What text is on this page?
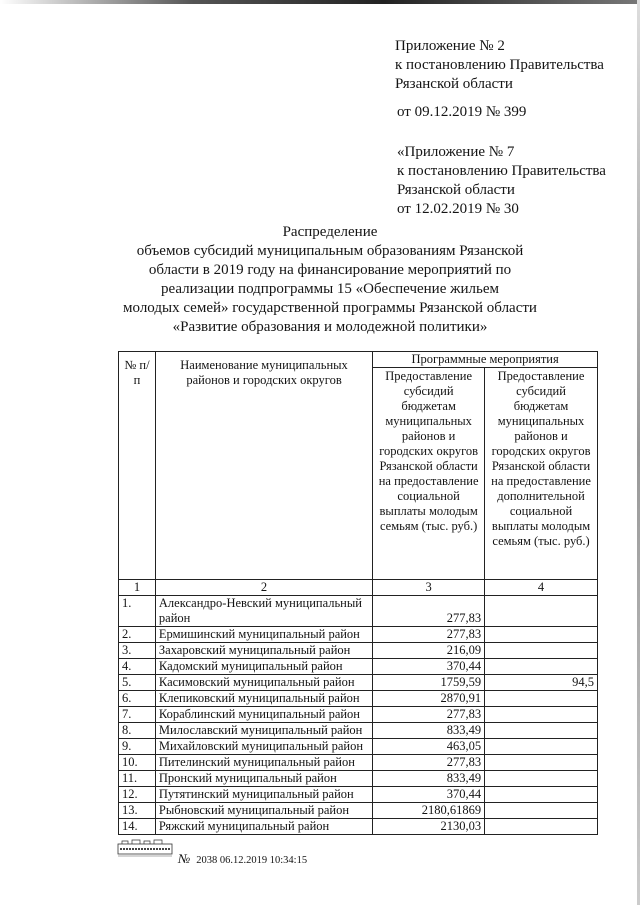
Приложение № 2
к постановлению Правительства
Рязанской области
от 09.12.2019 № 399
«Приложение № 7
к постановлению Правительства
Рязанской области
от 12.02.2019 № 30
Распределение
объемов субсидий муниципальным образованиям Рязанской
области в 2019 году на финансирование мероприятий по
реализации подпрограммы 15 «Обеспечение жильем
молодых семей» государственной программы Рязанской области
«Развитие образования и молодежной политики»
№ п/п	Наименование муниципальных районов и городских округов	Программные мероприятия	
		Предоставление субсидий бюджетам муниципальных районов и городских округов Рязанской области на предоставление социальной выплаты молодым семьям (тыс. руб.)	Предоставление субсидий бюджетам муниципальных районов и городских округов Рязанской области на предоставление дополнительной социальной выплаты молодым семьям (тыс. руб.)
1	2	3	4
1.	Александро-Невский муниципальный район	277,83	
2.	Ермишинский муниципальный район	277,83	
3.	Захаровский муниципальный район	216,09	
4.	Кадомский муниципальный район	370,44	
5.	Касимовский муниципальный район	1759,59	94,5
6.	Клепиковский муниципальный район	2870,91	
7.	Кораблинский муниципальный район	277,83	
8.	Милославский муниципальный район	833,49	
9.	Михайловский муниципальный район	463,05	
10.	Пителинский муниципальный район	277,83	
11.	Пронский муниципальный район	833,49	
12.	Путятинский муниципальный район	370,44	
13.	Рыбновский муниципальный район	2180,61869	
14.	Ряжский муниципальный район	2130,03	
№ 2038 06.12.2019 10:34:15
